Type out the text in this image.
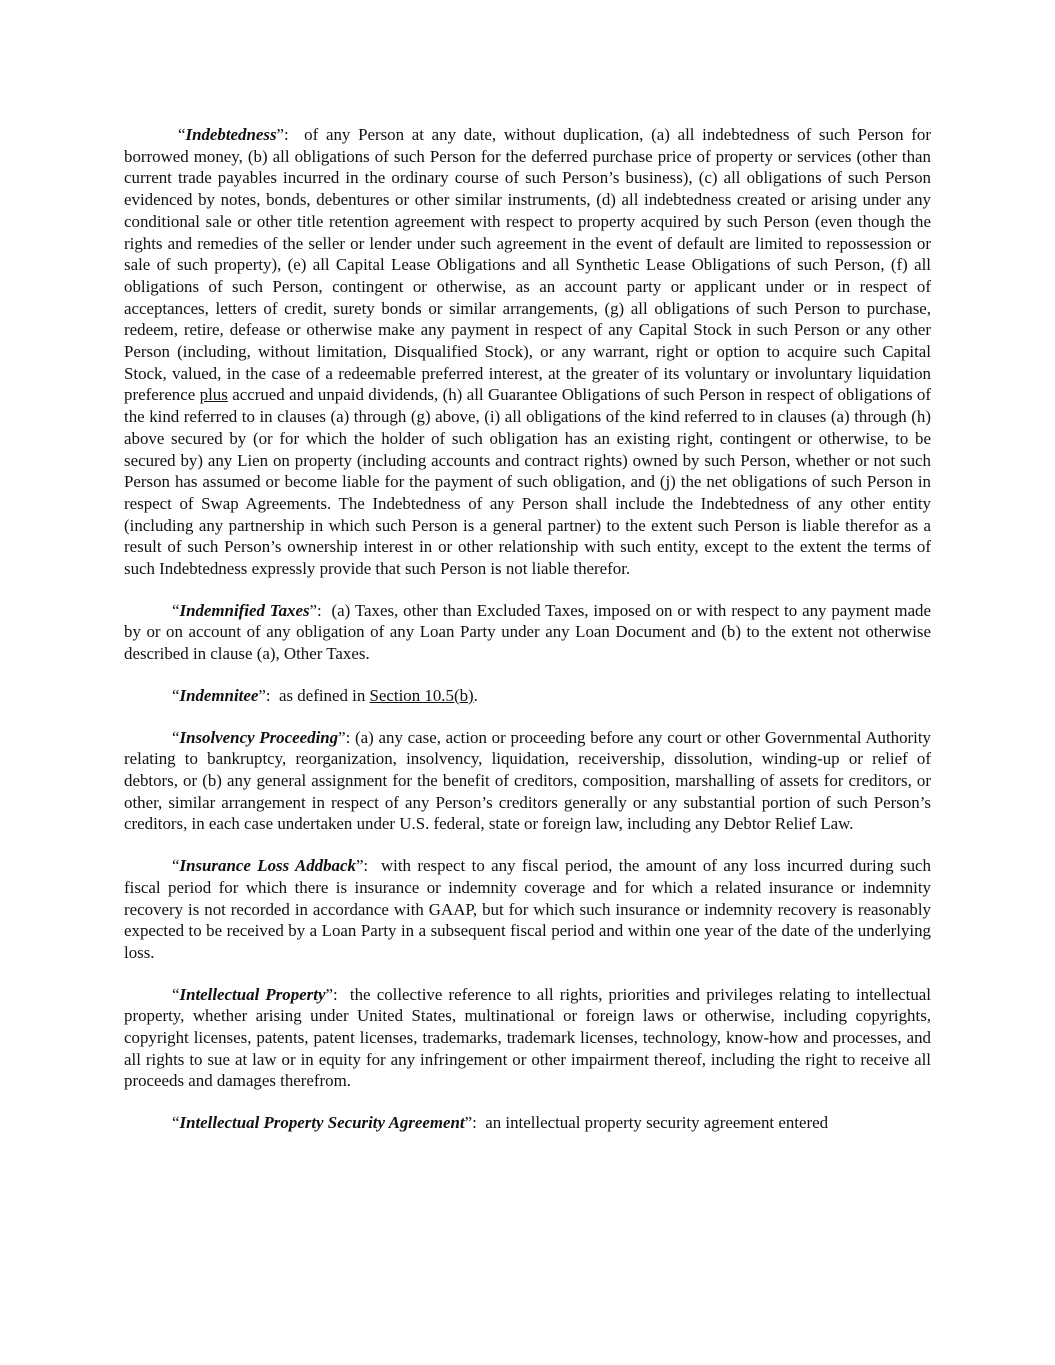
“Indebtedness”:  of any Person at any date, without duplication, (a) all indebtedness of such Person for borrowed money, (b) all obligations of such Person for the deferred purchase price of property or services (other than current trade payables incurred in the ordinary course of such Person’s business), (c) all obligations of such Person evidenced by notes, bonds, debentures or other similar instruments, (d) all indebtedness created or arising under any conditional sale or other title retention agreement with respect to property acquired by such Person (even though the rights and remedies of the seller or lender under such agreement in the event of default are limited to repossession or sale of such property), (e) all Capital Lease Obligations and all Synthetic Lease Obligations of such Person, (f) all obligations of such Person, contingent or otherwise, as an account party or applicant under or in respect of acceptances, letters of credit, surety bonds or similar arrangements, (g) all obligations of such Person to purchase, redeem, retire, defease or otherwise make any payment in respect of any Capital Stock in such Person or any other Person (including, without limitation, Disqualified Stock), or any warrant, right or option to acquire such Capital Stock, valued, in the case of a redeemable preferred interest, at the greater of its voluntary or involuntary liquidation preference plus accrued and unpaid dividends, (h) all Guarantee Obligations of such Person in respect of obligations of the kind referred to in clauses (a) through (g) above, (i) all obligations of the kind referred to in clauses (a) through (h) above secured by (or for which the holder of such obligation has an existing right, contingent or otherwise, to be secured by) any Lien on property (including accounts and contract rights) owned by such Person, whether or not such Person has assumed or become liable for the payment of such obligation, and (j) the net obligations of such Person in respect of Swap Agreements. The Indebtedness of any Person shall include the Indebtedness of any other entity (including any partnership in which such Person is a general partner) to the extent such Person is liable therefor as a result of such Person’s ownership interest in or other relationship with such entity, except to the extent the terms of such Indebtedness expressly provide that such Person is not liable therefor.

“Indemnified Taxes”:  (a) Taxes, other than Excluded Taxes, imposed on or with respect to any payment made by or on account of any obligation of any Loan Party under any Loan Document and (b) to the extent not otherwise described in clause (a), Other Taxes.

“Indemnitee”:  as defined in Section 10.5(b).

“Insolvency Proceeding”: (a) any case, action or proceeding before any court or other Governmental Authority relating to bankruptcy, reorganization, insolvency, liquidation, receivership, dissolution, winding-up or relief of debtors, or (b) any general assignment for the benefit of creditors, composition, marshalling of assets for creditors, or other, similar arrangement in respect of any Person’s creditors generally or any substantial portion of such Person’s creditors, in each case undertaken under U.S. federal, state or foreign law, including any Debtor Relief Law.

“Insurance Loss Addback”:  with respect to any fiscal period, the amount of any loss incurred during such fiscal period for which there is insurance or indemnity coverage and for which a related insurance or indemnity recovery is not recorded in accordance with GAAP, but for which such insurance or indemnity recovery is reasonably expected to be received by a Loan Party in a subsequent fiscal period and within one year of the date of the underlying loss.

“Intellectual Property”:  the collective reference to all rights, priorities and privileges relating to intellectual property, whether arising under United States, multinational or foreign laws or otherwise, including copyrights, copyright licenses, patents, patent licenses, trademarks, trademark licenses, technology, know-how and processes, and all rights to sue at law or in equity for any infringement or other impairment thereof, including the right to receive all proceeds and damages therefrom.

“Intellectual Property Security Agreement”:  an intellectual property security agreement entered
